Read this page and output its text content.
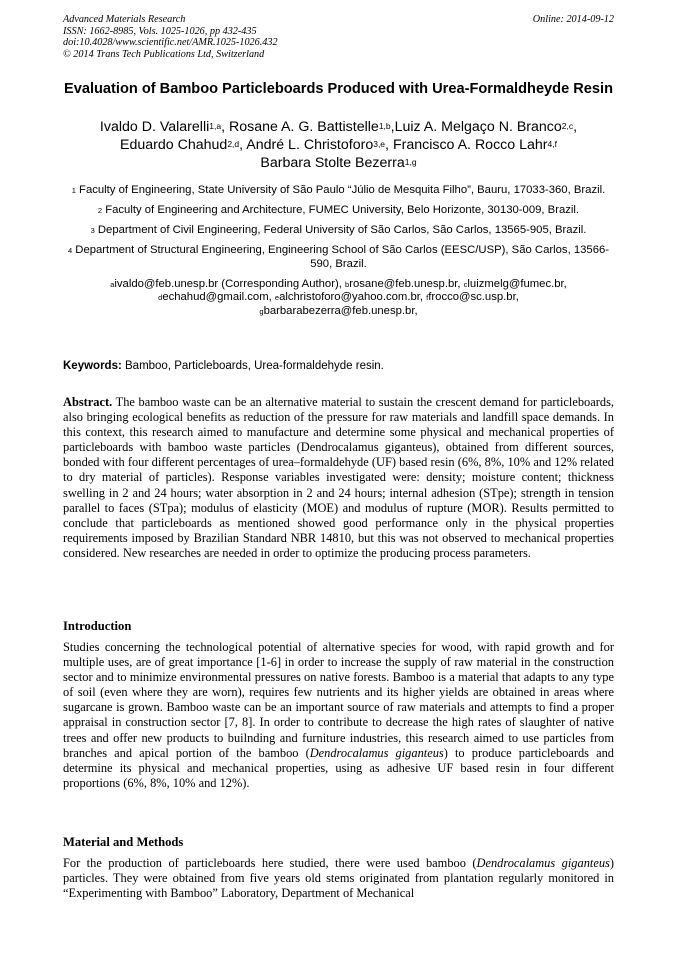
Advanced Materials Research
ISSN: 1662-8985, Vols. 1025-1026, pp 432-435
doi:10.4028/www.scientific.net/AMR.1025-1026.432
© 2014 Trans Tech Publications Ltd, Switzerland
Online: 2014-09-12
Evaluation of Bamboo Particleboards Produced with Urea-Formaldheyde Resin
Ivaldo D. Valarelli$^{1,a}$, Rosane A. G. Battistelle$^{1,b}$,Luiz A. Melgaço N. Branco$^{2,c}$,
Eduardo Chahud$^{2,d}$, André L. Christoforo$^{3,e}$, Francisco A. Rocco Lahr$^{4,f}$
Barbara Stolte Bezerra$^{1,g}$
$^1$ Faculty of Engineering, State University of São Paulo “Júlio de Mesquita Filho”, Bauru, 17033-360, Brazil.
$^2$ Faculty of Engineering and Architecture, FUMEC University, Belo Horizonte, 30130-009, Brazil.
$^3$ Department of Civil Engineering, Federal University of São Carlos, São Carlos, 13565-905, Brazil.
$^4$ Department of Structural Engineering, Engineering School of São Carlos (EESC/USP), São Carlos, 13566-590, Brazil.
$^a$ivaldo@feb.unesp.br (Corresponding Author), $^b$rosane@feb.unesp.br, $^c$luizmelg@fumec.br,
$^d$echahud@gmail.com, $^e$alchristoforo@yahoo.com.br, $^f$frocco@sc.usp.br,
$^g$barbarabezerra@feb.unesp.br,
Keywords: Bamboo, Particleboards, Urea-formaldehyde resin.
Abstract. The bamboo waste can be an alternative material to sustain the crescent demand for particleboards, also bringing ecological benefits as reduction of the pressure for raw materials and landfill space demands. In this context, this research aimed to manufacture and determine some physical and mechanical properties of particleboards with bamboo waste particles (Dendrocalamus giganteus), obtained from different sources, bonded with four different percentages of urea–formaldehyde (UF) based resin (6%, 8%, 10% and 12% related to dry material of particles). Response variables investigated were: density; moisture content; thickness swelling in 2 and 24 hours; water absorption in 2 and 24 hours; internal adhesion (STpe); strength in tension parallel to faces (STpa); modulus of elasticity (MOE) and modulus of rupture (MOR). Results permitted to conclude that particleboards as mentioned showed good performance only in the physical properties requirements imposed by Brazilian Standard NBR 14810, but this was not observed to mechanical properties considered. New researches are needed in order to optimize the producing process parameters.
Introduction
Studies concerning the technological potential of alternative species for wood, with rapid growth and for multiple uses, are of great importance [1-6] in order to increase the supply of raw material in the construction sector and to minimize environmental pressures on native forests. Bamboo is a material that adapts to any type of soil (even where they are worn), requires few nutrients and its higher yields are obtained in areas where sugarcane is grown. Bamboo waste can be an important source of raw materials and attempts to find a proper appraisal in construction sector [7, 8]. In order to contribute to decrease the high rates of slaughter of native trees and offer new products to builnding and furniture industries, this research aimed to use particles from branches and apical portion of the bamboo (Dendrocalamus giganteus) to produce particleboards and determine its physical and mechanical properties, using as adhesive UF based resin in four different proportions (6%, 8%, 10% and 12%).
Material and Methods
For the production of particleboards here studied, there were used bamboo (Dendrocalamus giganteus) particles. They were obtained from five years old stems originated from plantation regularly monitored in “Experimenting with Bamboo” Laboratory, Department of Mechanical
